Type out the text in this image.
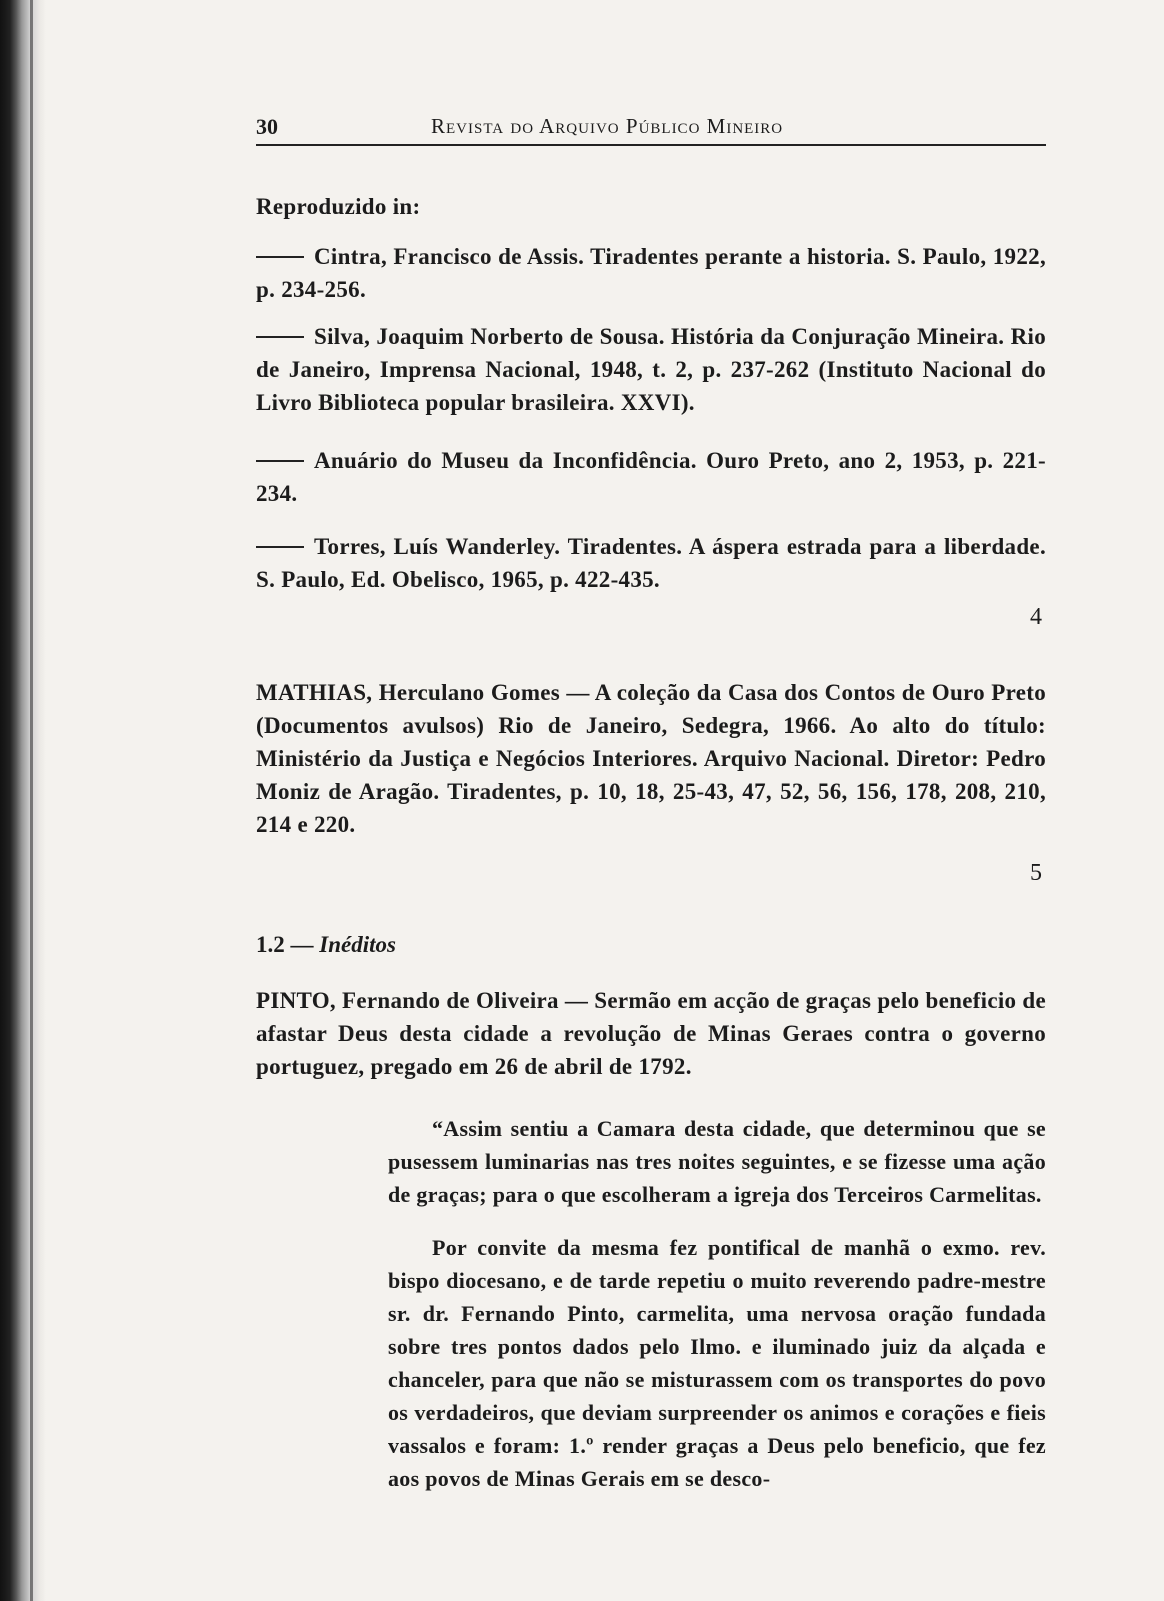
30	Revista do Arquivo Público Mineiro

Reproduzido in:

Cintra, Francisco de Assis. Tiradentes perante a historia. S. Paulo, 1922, p. 234-256.

Silva, Joaquim Norberto de Sousa. História da Conjuração Mineira. Rio de Janeiro, Imprensa Nacional, 1948, t. 2, p. 237-262 (Instituto Nacional do Livro Biblioteca popular brasileira. XXVI).

Anuário do Museu da Inconfidência. Ouro Preto, ano 2, 1953, p. 221-234.

Torres, Luís Wanderley. Tiradentes. A áspera estrada para a liberdade. S. Paulo, Ed. Obelisco, 1965, p. 422-435.

4

MATHIAS, Herculano Gomes — A coleção da Casa dos Contos de Ouro Preto (Documentos avulsos) Rio de Janeiro, Sedegra, 1966. Ao alto do título: Ministério da Justiça e Negócios Interiores. Arquivo Nacional. Diretor: Pedro Moniz de Aragão. Tiradentes, p. 10, 18, 25-43, 47, 52, 56, 156, 178, 208, 210, 214 e 220.

5
1.2 — Inéditos

PINTO, Fernando de Oliveira — Sermão em acção de graças pelo beneficio de afastar Deus desta cidade a revolução de Minas Geraes contra o governo portuguez, pregado em 26 de abril de 1792.

“Assim sentiu a Camara desta cidade, que determinou que se pusessem luminarias nas tres noites seguintes, e se fizesse uma ação de graças; para o que escolheram a igreja dos Terceiros Carmelitas.

Por convite da mesma fez pontifical de manhã o exmo. rev. bispo diocesano, e de tarde repetiu o muito reverendo padre-mestre sr. dr. Fernando Pinto, carmelita, uma nervosa oração fundada sobre tres pontos dados pelo Ilmo. e iluminado juiz da alçada e chanceler, para que não se misturassem com os transportes do povo os verdadeiros, que deviam surpreender os animos e corações e fieis vassalos e foram: 1.º render graças a Deus pelo beneficio, que fez aos povos de Minas Gerais em se desco-
